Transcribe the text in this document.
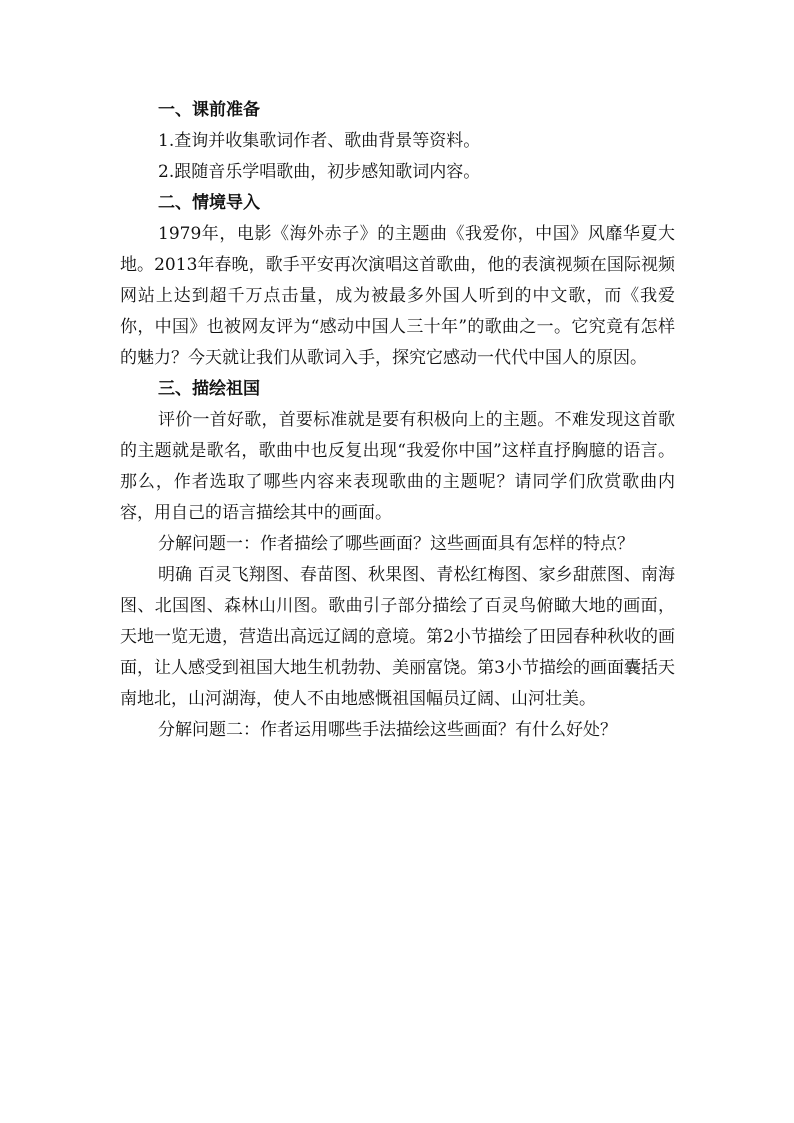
一、课前准备

1.查询并收集歌词作者、歌曲背景等资料。

2.跟随音乐学唱歌曲，初步感知歌词内容。

二、情境导入

1979年，电影《海外赤子》的主题曲《我爱你，中国》风靡华夏大地。2013年春晚，歌手平安再次演唱这首歌曲，他的表演视频在国际视频网站上达到超千万点击量，成为被最多外国人听到的中文歌，而《我爱你，中国》也被网友评为“感动中国人三十年”的歌曲之一。它究竟有怎样的魅力？今天就让我们从歌词入手，探究它感动一代代中国人的原因。

三、描绘祖国

评价一首好歌，首要标准就是要有积极向上的主题。不难发现这首歌的主题就是歌名，歌曲中也反复出现“我爱你中国”这样直抒胸臆的语言。那么，作者选取了哪些内容来表现歌曲的主题呢？请同学们欣赏歌曲内容，用自己的语言描绘其中的画面。

分解问题一：作者描绘了哪些画面？这些画面具有怎样的特点？

明确 百灵飞翔图、春苗图、秋果图、青松红梅图、家乡甜蔗图、南海图、北国图、森林山川图。歌曲引子部分描绘了百灵鸟俯瞰大地的画面，天地一览无遗，营造出高远辽阔的意境。第2小节描绘了田园春种秋收的画面，让人感受到祖国大地生机勃勃、美丽富饶。第3小节描绘的画面囊括天南地北，山河湖海，使人不由地感慨祖国幅员辽阔、山河壮美。

分解问题二：作者运用哪些手法描绘这些画面？有什么好处？
